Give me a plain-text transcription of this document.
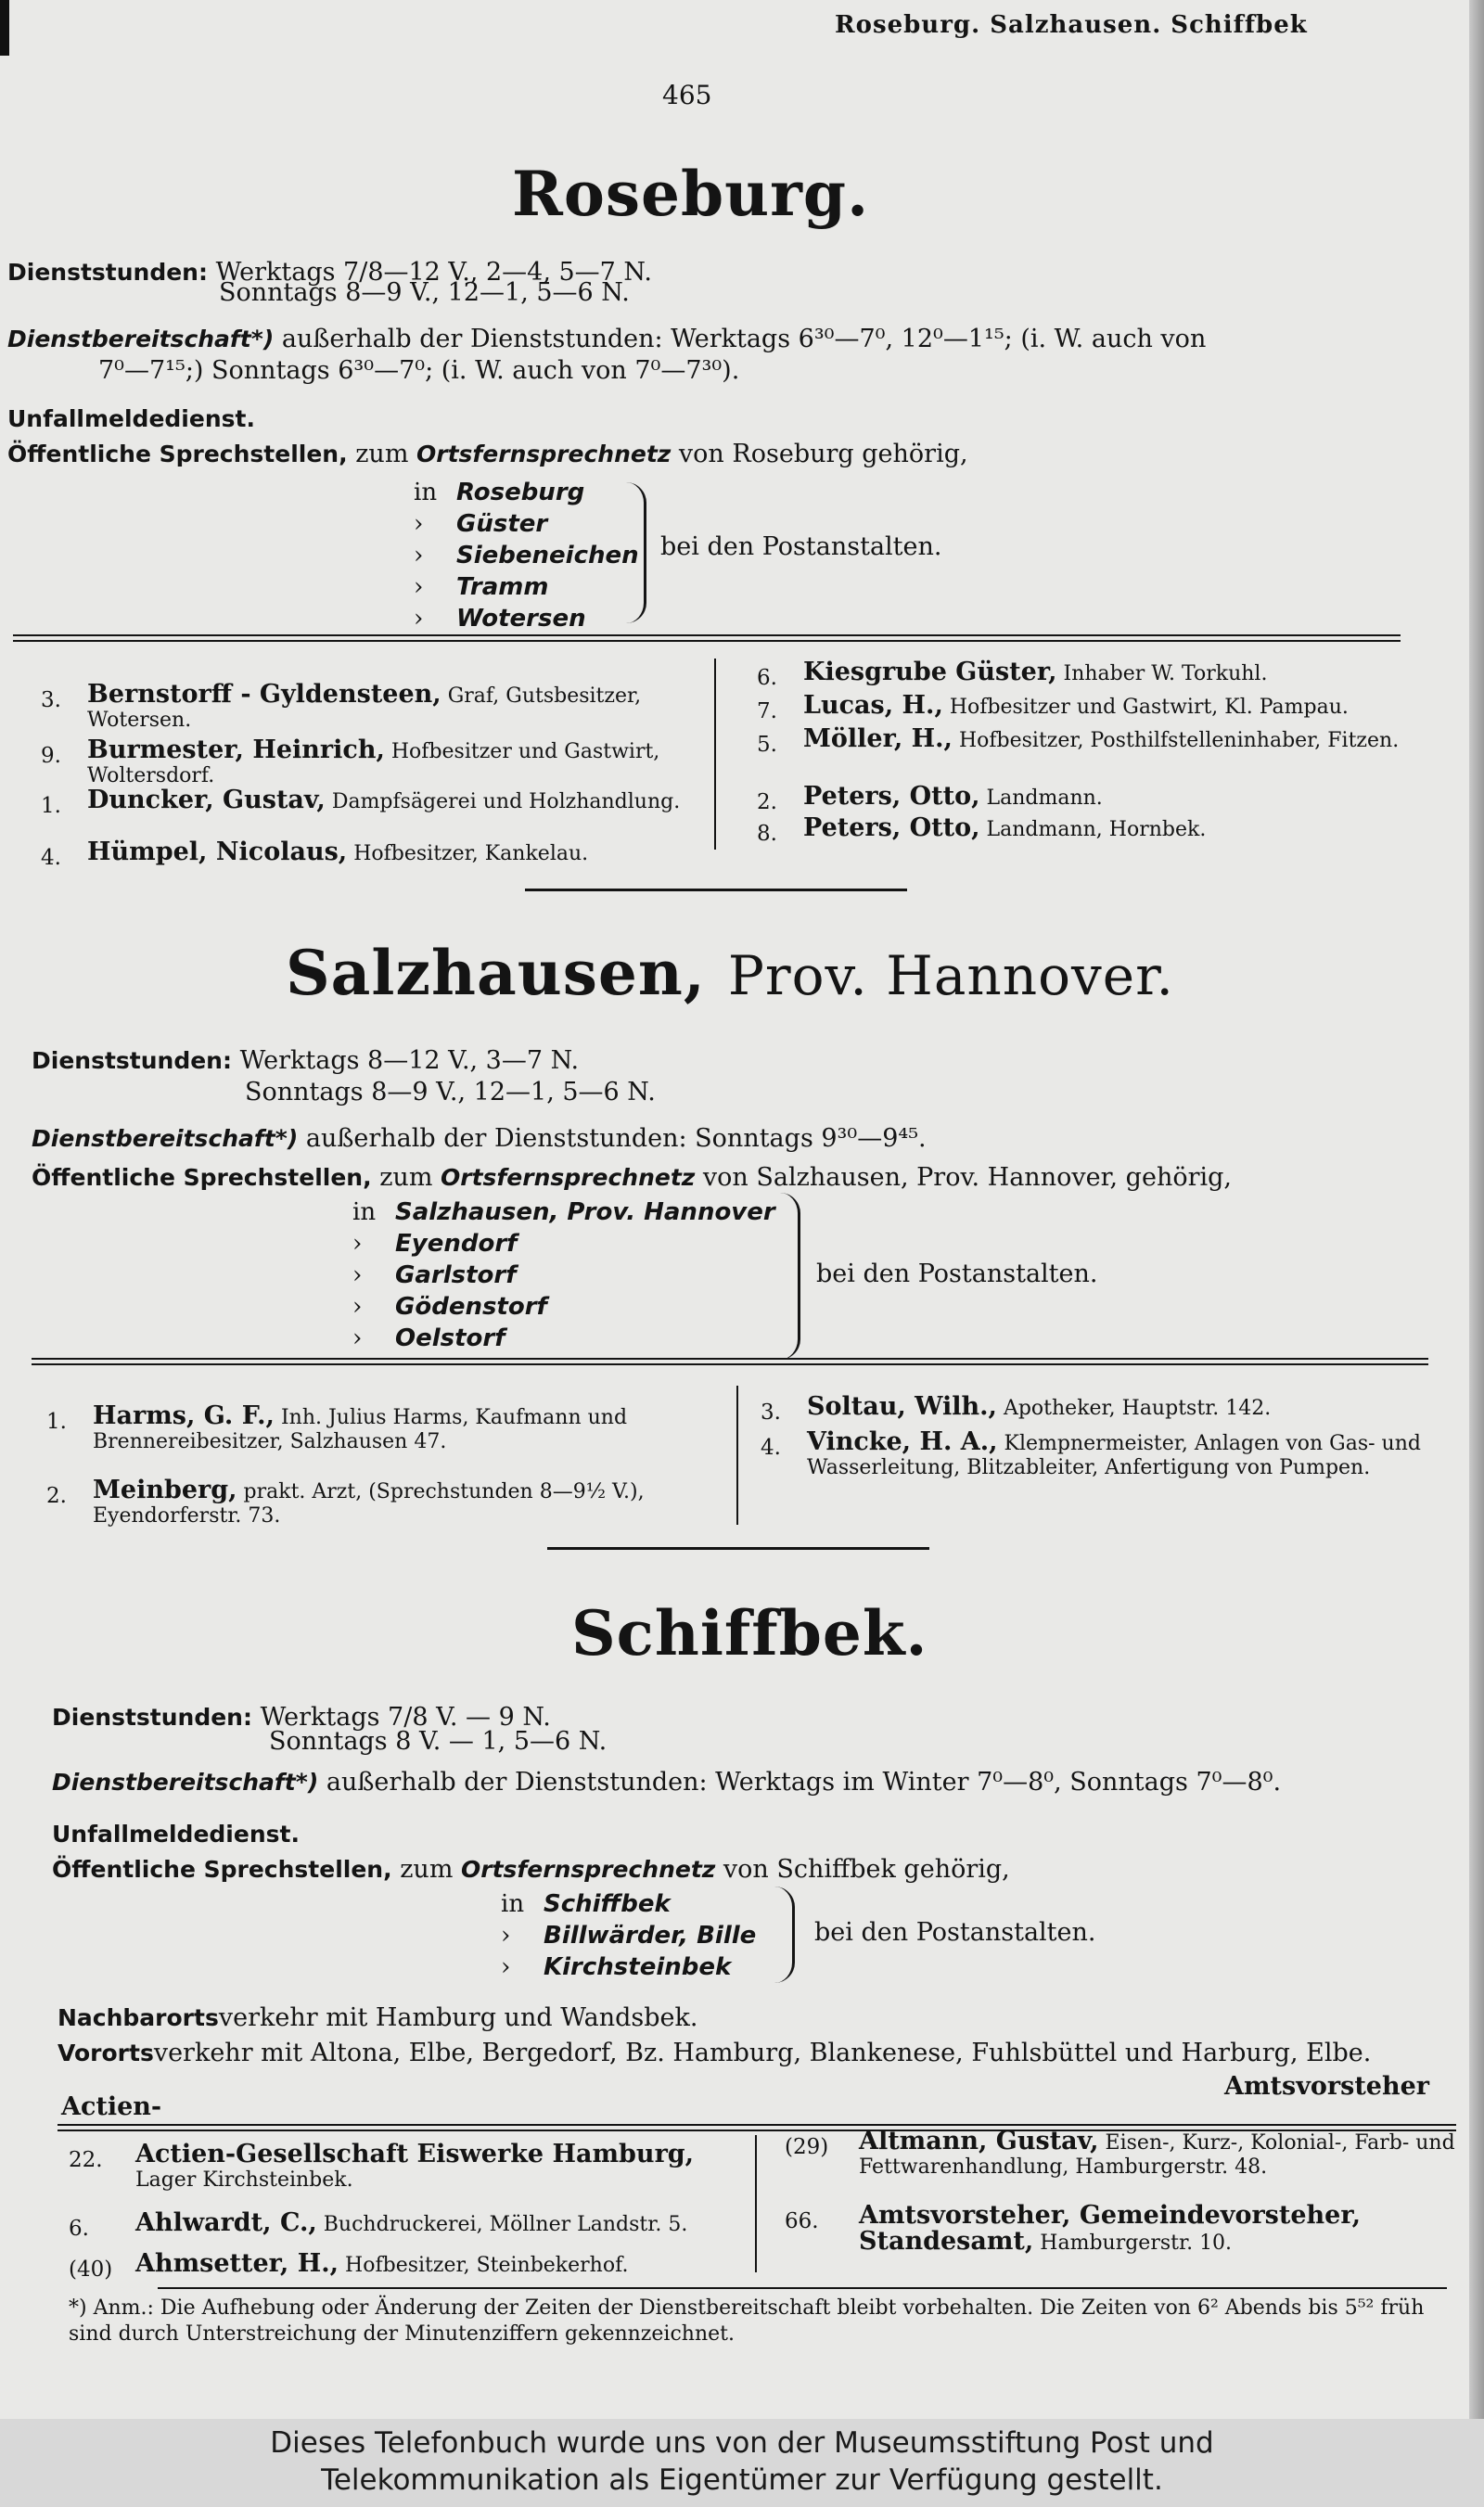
Roseburg. Salzhausen. Schiffbek
465
Roseburg.
Dienststunden: Werktags 7/8—12 V., 2—4, 5—7 N.
Sonntags 8—9 V., 12—1, 5—6 N.
Dienstbereitschaft*) außerhalb der Dienststunden: Werktags 6³⁰—7⁰, 12⁰—1¹⁵; (i. W. auch von
7⁰—7¹⁵;) Sonntags 6³⁰—7⁰; (i. W. auch von 7⁰—7³⁰).
Unfallmeldedienst.
Öffentliche Sprechstellen, zum Ortsfernsprechnetz von Roseburg gehörig,
in Roseburg
› Güster
› Siebeneichen
› Tramm
› Wotersen
bei den Postanstalten.
3. Bernstorff - Gyldensteen, Graf, Gutsbesitzer, Wotersen.
9. Burmester, Heinrich, Hofbesitzer und Gastwirt, Woltersdorf.
1. Duncker, Gustav, Dampfsägerei und Holzhandlung.
4. Hümpel, Nicolaus, Hofbesitzer, Kankelau.
6. Kiesgrube Güster, Inhaber W. Torkuhl.
7. Lucas, H., Hofbesitzer und Gastwirt, Kl. Pampau.
5. Möller, H., Hofbesitzer, Posthilfstelleninhaber, Fitzen.
2. Peters, Otto, Landmann.
8. Peters, Otto, Landmann, Hornbek.
Salzhausen, Prov. Hannover.
Dienststunden: Werktags 8—12 V., 3—7 N.
Sonntags 8—9 V., 12—1, 5—6 N.
Dienstbereitschaft*) außerhalb der Dienststunden: Sonntags 9³⁰—9⁴⁵.
Öffentliche Sprechstellen, zum Ortsfernsprechnetz von Salzhausen, Prov. Hannover, gehörig,
in Salzhausen, Prov. Hannover
› Eyendorf
› Garlstorf
› Gödenstorf
› Oelstorf
bei den Postanstalten.
1. Harms, G. F., Inh. Julius Harms, Kaufmann und Brennereibesitzer, Salzhausen 47.
2. Meinberg, prakt. Arzt, (Sprechstunden 8—9½ V.), Eyendorferstr. 73.
3. Soltau, Wilh., Apotheker, Hauptstr. 142.
4. Vincke, H. A., Klempnermeister, Anlagen von Gas- und Wasserleitung, Blitzableiter, Anfertigung von Pumpen.
Schiffbek.
Dienststunden: Werktags 7/8 V. — 9 N.
Sonntags 8 V. — 1, 5—6 N.
Dienstbereitschaft*) außerhalb der Dienststunden: Werktags im Winter 7⁰—8⁰, Sonntags 7⁰—8⁰.
Unfallmeldedienst.
Öffentliche Sprechstellen, zum Ortsfernsprechnetz von Schiffbek gehörig,
in Schiffbek
› Billwärder, Bille
› Kirchsteinbek
bei den Postanstalten.
Nachbarortsverkehr mit Hamburg und Wandsbek.
Vorortsverkehr mit Altona, Elbe, Bergedorf, Bz. Hamburg, Blankenese, Fuhlsbüttel und Harburg, Elbe.
Amtsvorsteher
Actien-
22. Actien-Gesellschaft Eiswerke Hamburg, Lager Kirchsteinbek.
6. Ahlwardt, C., Buchdruckerei, Möllner Landstr. 5.
(40) Ahmsetter, H., Hofbesitzer, Steinbekerhof.
(29) Altmann, Gustav, Eisen-, Kurz-, Kolonial-, Farb- und Fettwarenhandlung, Hamburgerstr. 48.
66. Amtsvorsteher, Gemeindevorsteher, Standesamt, Hamburgerstr. 10.
*) Anm.: Die Aufhebung oder Änderung der Zeiten der Dienstbereitschaft bleibt vorbehalten. Die Zeiten von 6² Abends bis 5⁵² früh sind durch Unterstreichung der Minutenziffern gekennzeichnet.
Dieses Telefonbuch wurde uns von der Museumsstiftung Post und
Telekommunikation als Eigentümer zur Verfügung gestellt.
